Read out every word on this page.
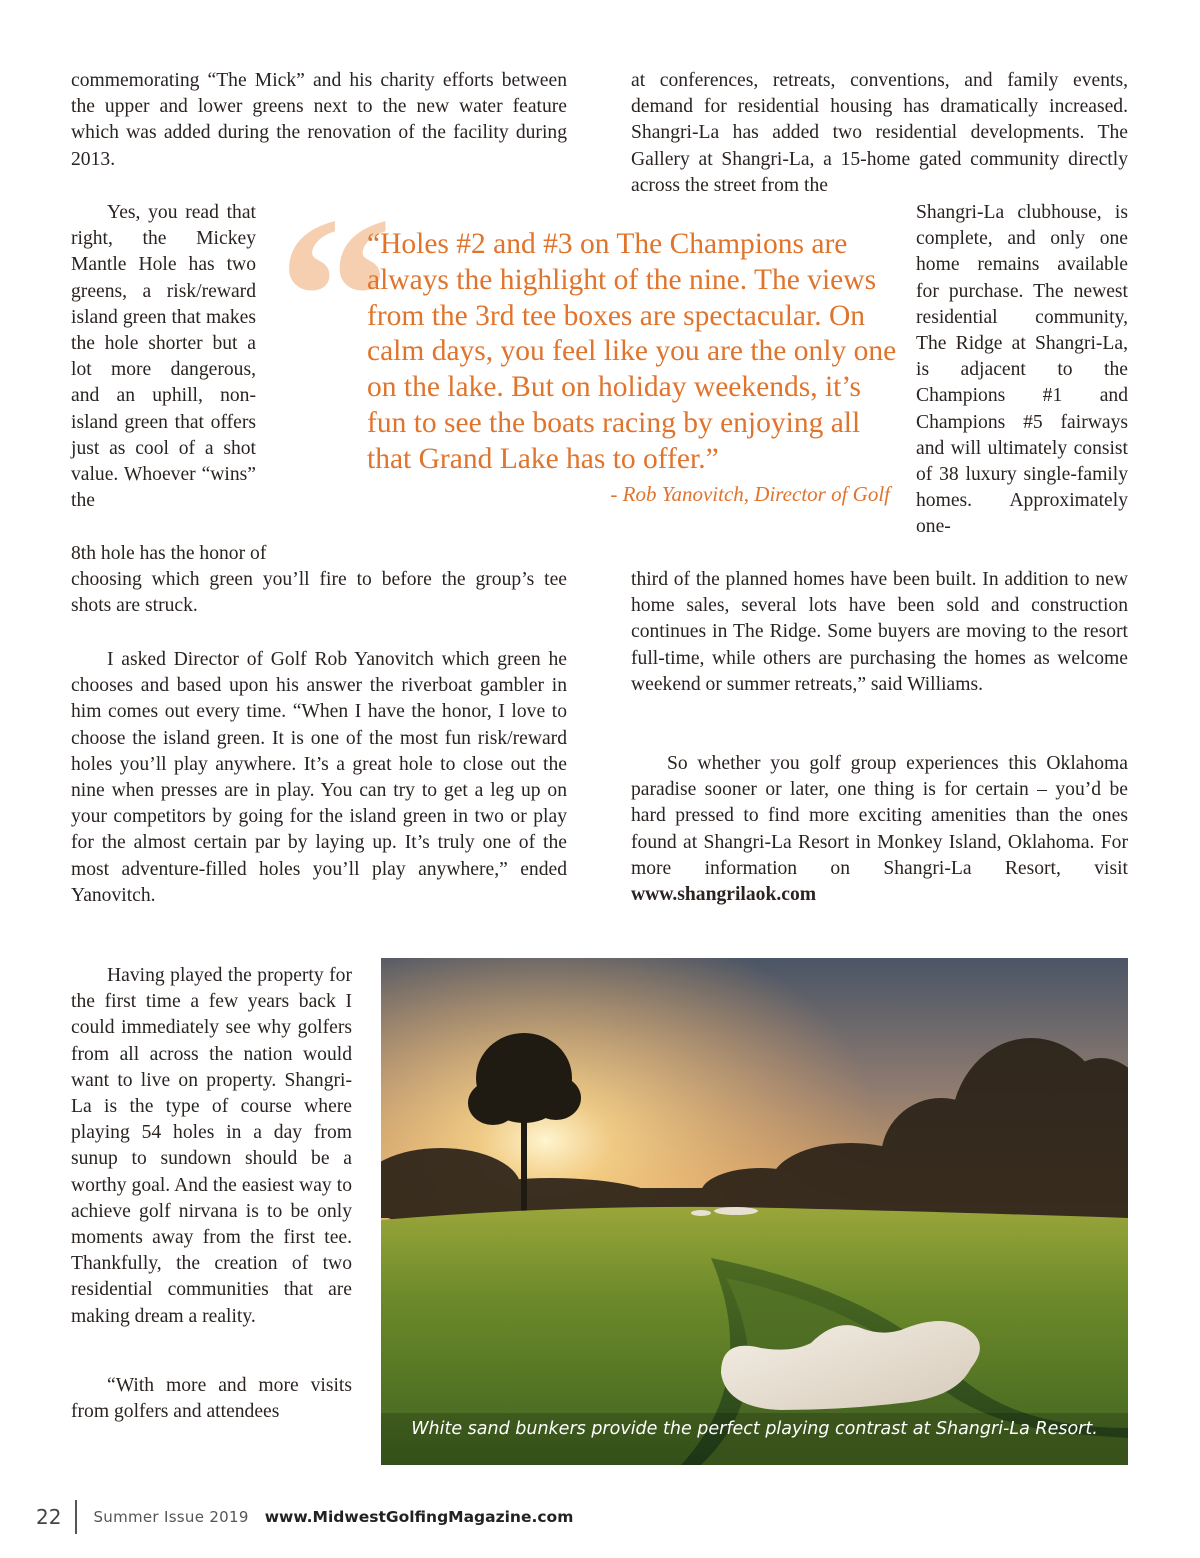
commemorating “The Mick” and his charity efforts between the upper and lower greens next to the new water feature which was added during the renovation of the facility during 2013.

Yes, you read that right, the Mickey Mantle Hole has two greens, a risk/reward island green that makes the hole shorter but a lot more dangerous, and an uphill, non-island green that offers just as cool of a shot value. Whoever “wins” the

8th hole has the honor of

choosing which green you’ll fire to before the group’s tee shots are struck.

I asked Director of Golf Rob Yanovitch which green he chooses and based upon his answer the riverboat gambler in him comes out every time. “When I have the honor, I love to choose the island green. It is one of the most fun risk/reward holes you’ll play anywhere. It’s a great hole to close out the nine when presses are in play. You can try to get a leg up on your competitors by going for the island green in two or play for the almost certain par by laying up. It’s truly one of the most adventure-filled holes you’ll play anywhere,” ended Yanovitch.

Having played the property for the first time a few years back I could immediately see why golfers from all across the nation would want to live on property. Shangri-La is the type of course where playing 54 holes in a day from sunup to sundown should be a worthy goal. And the easiest way to achieve golf nirvana is to be only moments away from the first tee. Thankfully, the creation of two residential communities that are making dream a reality.

“With more and more visits from golfers and attendees

at conferences, retreats, conventions, and family events, demand for residential housing has dramatically increased. Shangri-La has added two residential developments. The Gallery at Shangri-La, a 15-home gated community directly across the street from the

Shangri-La clubhouse, is complete, and only one home remains available for purchase. The newest residential community, The Ridge at Shangri-La, is adjacent to the Champions #1 and Champions #5 fairways and will ultimately consist of 38 luxury single-family homes. Approximately one-

third of the planned homes have been built. In addition to new home sales, several lots have been sold and construction continues in The Ridge. Some buyers are moving to the resort full-time, while others are purchasing the homes as welcome weekend or summer retreats,” said Williams.

So whether you golf group experiences this Oklahoma paradise sooner or later, one thing is for certain – you’d be hard pressed to find more exciting amenities than the ones found at Shangri-La Resort in Monkey Island, Oklahoma. For more information on Shangri-La Resort, visit www.shangrilaok.com

“

“Holes #2 and #3 on The Champions are always the highlight of the nine. The views from the 3rd tee boxes are spectacular. On calm days, you feel like you are the only one on the lake. But on holiday weekends, it’s fun to see the boats racing by enjoying all that Grand Lake has to offer.”

- Rob Yanovitch, Director of Golf
White sand bunkers provide the perfect playing contrast at Shangri-La Resort.
22 Summer Issue 2019 www.MidwestGolfingMagazine.com
